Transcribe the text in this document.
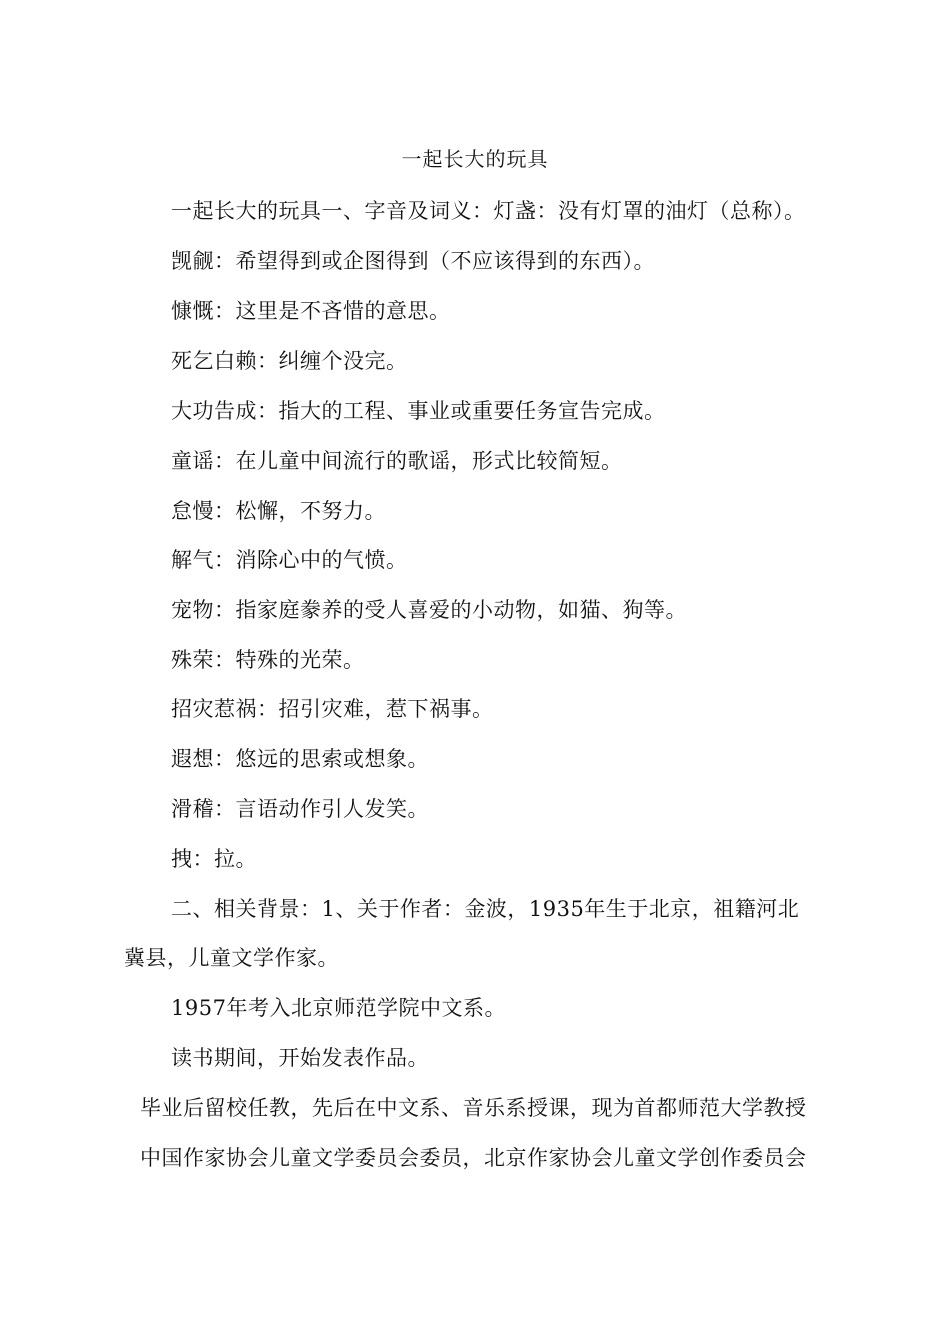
一起长大的玩具
一起长大的玩具一、字音及词义：灯盏：没有灯罩的油灯（总称）。
觊觎：希望得到或企图得到（不应该得到的东西）。
慷慨：这里是不吝惜的意思。
死乞白赖：纠缠个没完。
大功告成：指大的工程、事业或重要任务宣告完成。
童谣：在儿童中间流行的歌谣，形式比较简短。
怠慢：松懈，不努力。
解气：消除心中的气愤。
宠物：指家庭豢养的受人喜爱的小动物，如猫、狗等。
殊荣：特殊的光荣。
招灾惹祸：招引灾难，惹下祸事。
遐想：悠远的思索或想象。
滑稽：言语动作引人发笑。
拽：拉。
二、相关背景：1、关于作者：金波，1935年生于北京，祖籍河北
冀县，儿童文学作家。
1957年考入北京师范学院中文系。
读书期间，开始发表作品。
毕业后留校任教，先后在中文系、音乐系授课，现为首都师范大学教授
中国作家协会儿童文学委员会委员，北京作家协会儿童文学创作委员会
